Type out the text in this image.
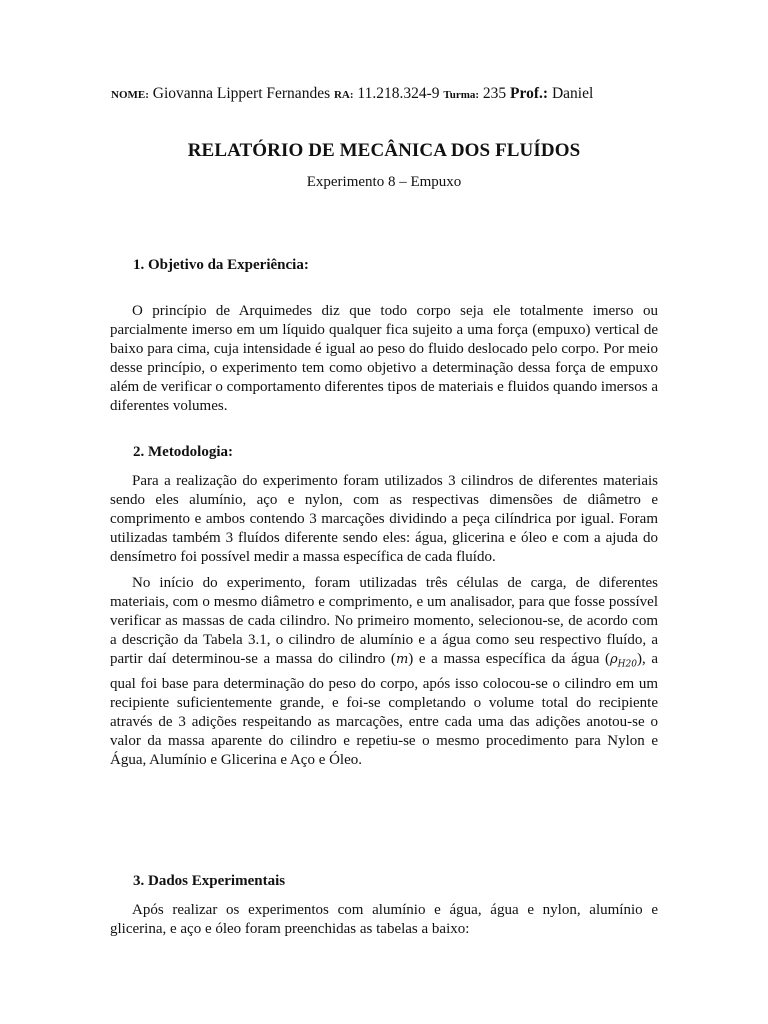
NOME: Giovanna Lippert Fernandes RA: 11.218.324-9 Turma: 235 Prof.: Daniel
RELATÓRIO DE MECÂNICA DOS FLUÍDOS
Experimento 8 – Empuxo
1. Objetivo da Experiência:

O princípio de Arquimedes diz que todo corpo seja ele totalmente imerso ou parcialmente imerso em um líquido qualquer fica sujeito a uma força (empuxo) vertical de baixo para cima, cuja intensidade é igual ao peso do fluido deslocado pelo corpo. Por meio desse princípio, o experimento tem como objetivo a determinação dessa força de empuxo além de verificar o comportamento diferentes tipos de materiais e fluidos quando imersos a diferentes volumes.

2. Metodologia:

Para a realização do experimento foram utilizados 3 cilindros de diferentes materiais sendo eles alumínio, aço e nylon, com as respectivas dimensões de diâmetro e comprimento e ambos contendo 3 marcações dividindo a peça cilíndrica por igual. Foram utilizadas também 3 fluídos diferente sendo eles: água, glicerina e óleo e com a ajuda do densímetro foi possível medir a massa específica de cada fluído.

No início do experimento, foram utilizadas três células de carga, de diferentes materiais, com o mesmo diâmetro e comprimento, e um analisador, para que fosse possível verificar as massas de cada cilindro. No primeiro momento, selecionou-se, de acordo com a descrição da Tabela 3.1, o cilindro de alumínio e a água como seu respectivo fluído, a partir daí determinou-se a massa do cilindro (m) e a massa específica da água $(\rho_{H20})$, a qual foi base para determinação do peso do corpo, após isso colocou-se o cilindro em um recipiente suficientemente grande, e foi-se completando o volume total do recipiente através de 3 adições respeitando as marcações, entre cada uma das adições anotou-se o valor da massa aparente do cilindro e repetiu-se o mesmo procedimento para Nylon e Água, Alumínio e Glicerina e Aço e Óleo.

3. Dados Experimentais

Após realizar os experimentos com alumínio e água, água e nylon, alumínio e glicerina, e aço e óleo foram preenchidas as tabelas a baixo:
